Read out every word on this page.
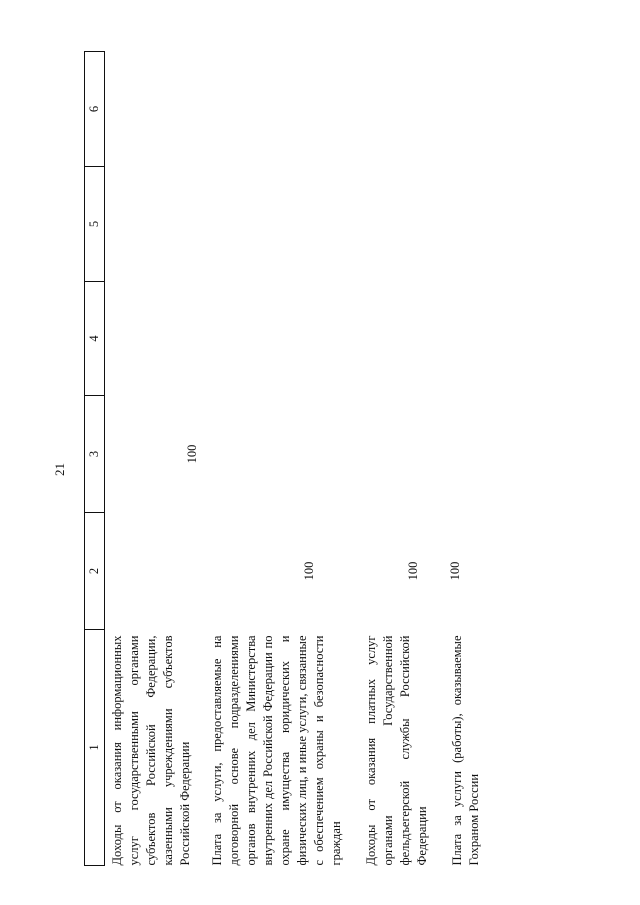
21
1	2	3	4	5	6

Доходы от оказания информационных услуг государственными органами субъектов Российской Федерации, казенными учреждениями субъектов Российской Федерации		100			

Плата за услуги, предоставляемые на договорной основе подразделениями органов внутренних дел Министерства внутренних дел Российской Федерации по охране имущества юридических и физических лиц, и иные услуги, связанные с обеспечением охраны и безопасности граждан	100				

Доходы от оказания платных услуг органами Государственной фельдъегерской службы Российской Федерации	100				

Плата за услуги (работы), оказываемые Гохраном России	100				
